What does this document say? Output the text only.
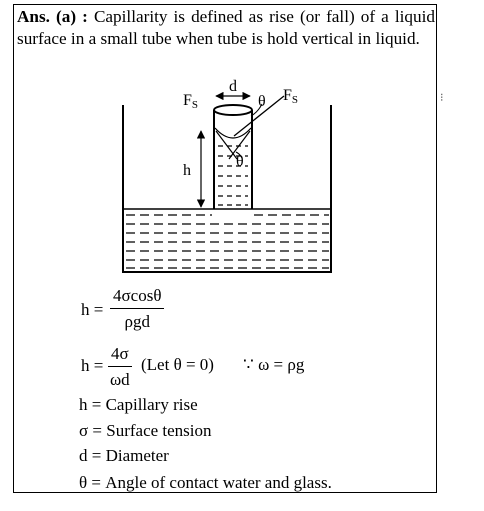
Ans. (a) : Capillarity is defined as rise (or fall) of a liquid surface in a small tube when tube is hold vertical in liquid.
⁝
FS
FS
d
θ
θ
h
h =
4σcosθ
ρgd
$h = \frac{4\sigma}{\omega d} (Let$ θ = 0) ∵ ω = ρg
h = Capillary rise
σ = Surface tension
d = Diameter
θ = Angle of contact water and glass.
